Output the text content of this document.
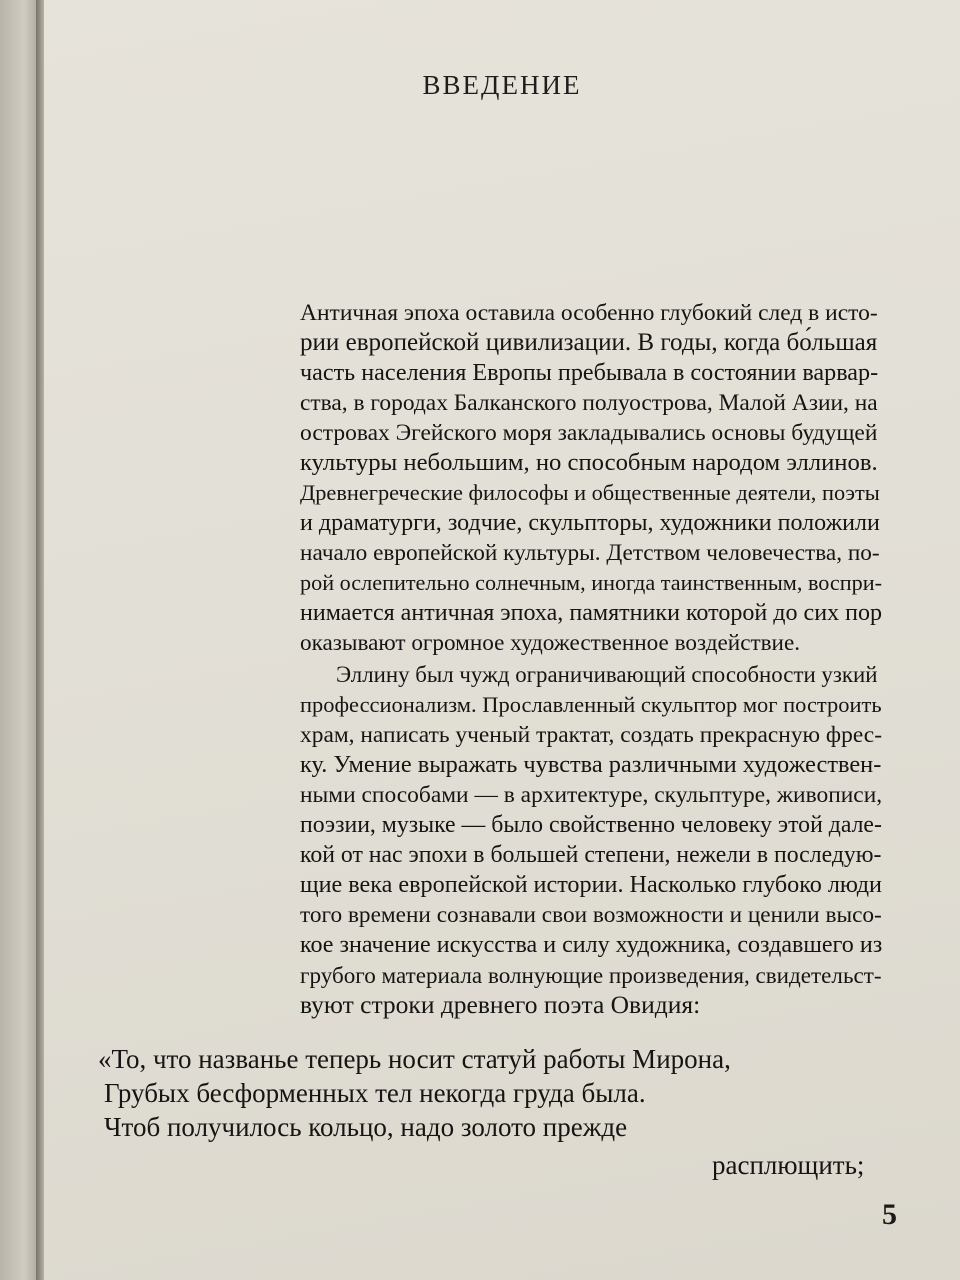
ВВЕДЕНИЕ
Античная эпоха оставила особенно глубокий след в исто-
рии европейской цивилизации. В годы, когда бо́льшая
часть населения Европы пребывала в состоянии варвар-
ства, в городах Балканского полуострова, Малой Азии, на
островах Эгейского моря закладывались основы будущей
культуры небольшим, но способным народом эллинов.
Древнегреческие философы и общественные деятели, поэты
и драматурги, зодчие, скульпторы, художники положили
начало европейской культуры. Детством человечества, по-
рой ослепительно солнечным, иногда таинственным, воспри-
нимается античная эпоха, памятники которой до сих пор
оказывают огромное художественное воздействие.
Эллину был чужд ограничивающий способности узкий
профессионализм. Прославленный скульптор мог построить
храм, написать ученый трактат, создать прекрасную фрес-
ку. Умение выражать чувства различными художествен-
ными способами — в архитектуре, скульптуре, живописи,
поэзии, музыке — было свойственно человеку этой дале-
кой от нас эпохи в большей степени, нежели в последую-
щие века европейской истории. Насколько глубоко люди
того времени сознавали свои возможности и ценили высо-
кое значение искусства и силу художника, создавшего из
грубого материала волнующие произведения, свидетельст-
вуют строки древнего поэта Овидия:
«То, что названье теперь носит статуй работы Мирона,
Грубых бесформенных тел некогда груда была.
Чтоб получилось кольцо, надо золото прежде
расплющить;
5
